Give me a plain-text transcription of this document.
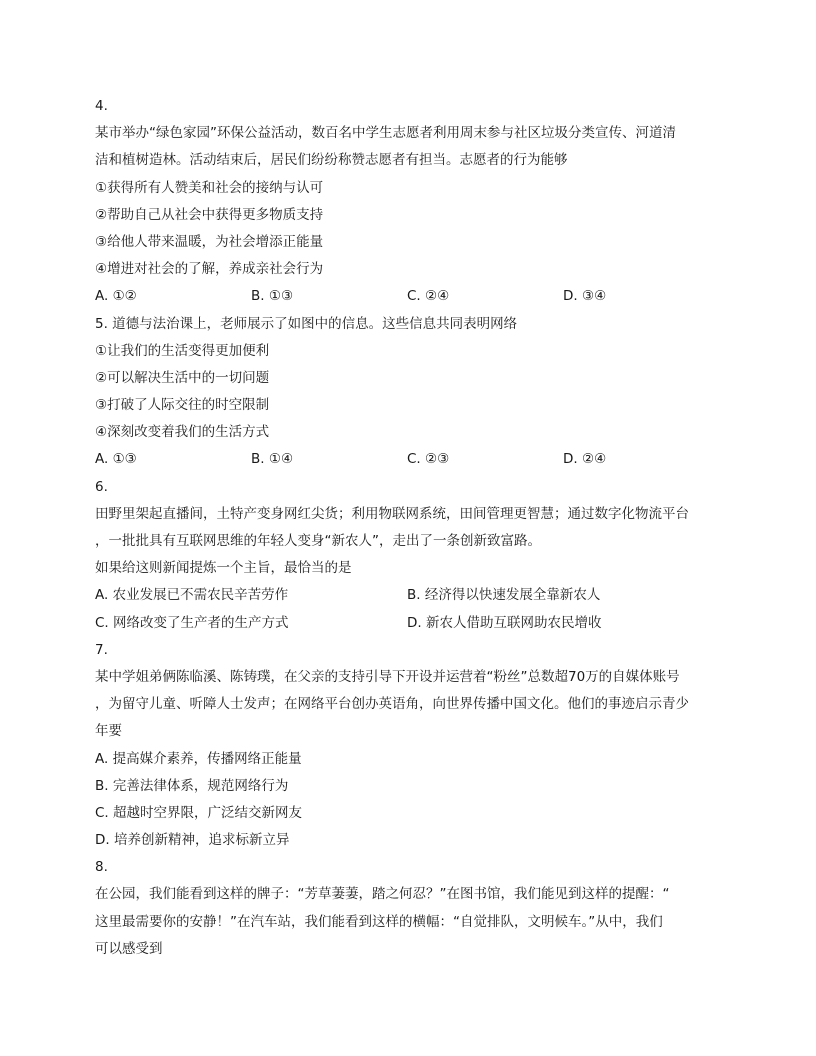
4.

某市举办“绿色家园”环保公益活动，数百名中学生志愿者利用周末参与社区垃圾分类宣传、河道清

洁和植树造林。活动结束后，居民们纷纷称赞志愿者有担当。志愿者的行为能够

①获得所有人赞美和社会的接纳与认可

②帮助自己从社会中获得更多物质支持

③给他人带来温暖，为社会增添正能量

④增进对社会的了解，养成亲社会行为

A. ①②	B. ①③	C. ②④	D. ③④

5. 道德与法治课上，老师展示了如图中的信息。这些信息共同表明网络

①让我们的生活变得更加便利

②可以解决生活中的一切问题

③打破了人际交往的时空限制

④深刻改变着我们的生活方式

A. ①③	B. ①④	C. ②③	D. ②④

6.

田野里架起直播间，土特产变身网红尖货；利用物联网系统，田间管理更智慧；通过数字化物流平台

，一批批具有互联网思维的年轻人变身“新农人”，走出了一条创新致富路。

如果给这则新闻提炼一个主旨，最恰当的是

A. 农业发展已不需农民辛苦劳作	B. 经济得以快速发展全靠新农人
C. 网络改变了生产者的生产方式	D. 新农人借助互联网助农民增收

7.

某中学姐弟俩陈临溪、陈铸璞，在父亲的支持引导下开设并运营着“粉丝”总数超70万的自媒体账号

，为留守儿童、听障人士发声；在网络平台创办英语角，向世界传播中国文化。他们的事迹启示青少

年要

A. 提高媒介素养，传播网络正能量

B. 完善法律体系，规范网络行为

C. 超越时空界限，广泛结交新网友

D. 培养创新精神，追求标新立异

8.

在公园，我们能看到这样的牌子：“芳草萋萋，踏之何忍？”在图书馆，我们能见到这样的提醒：“

这里最需要你的安静！”在汽车站，我们能看到这样的横幅：“自觉排队，文明候车。”从中，我们

可以感受到
